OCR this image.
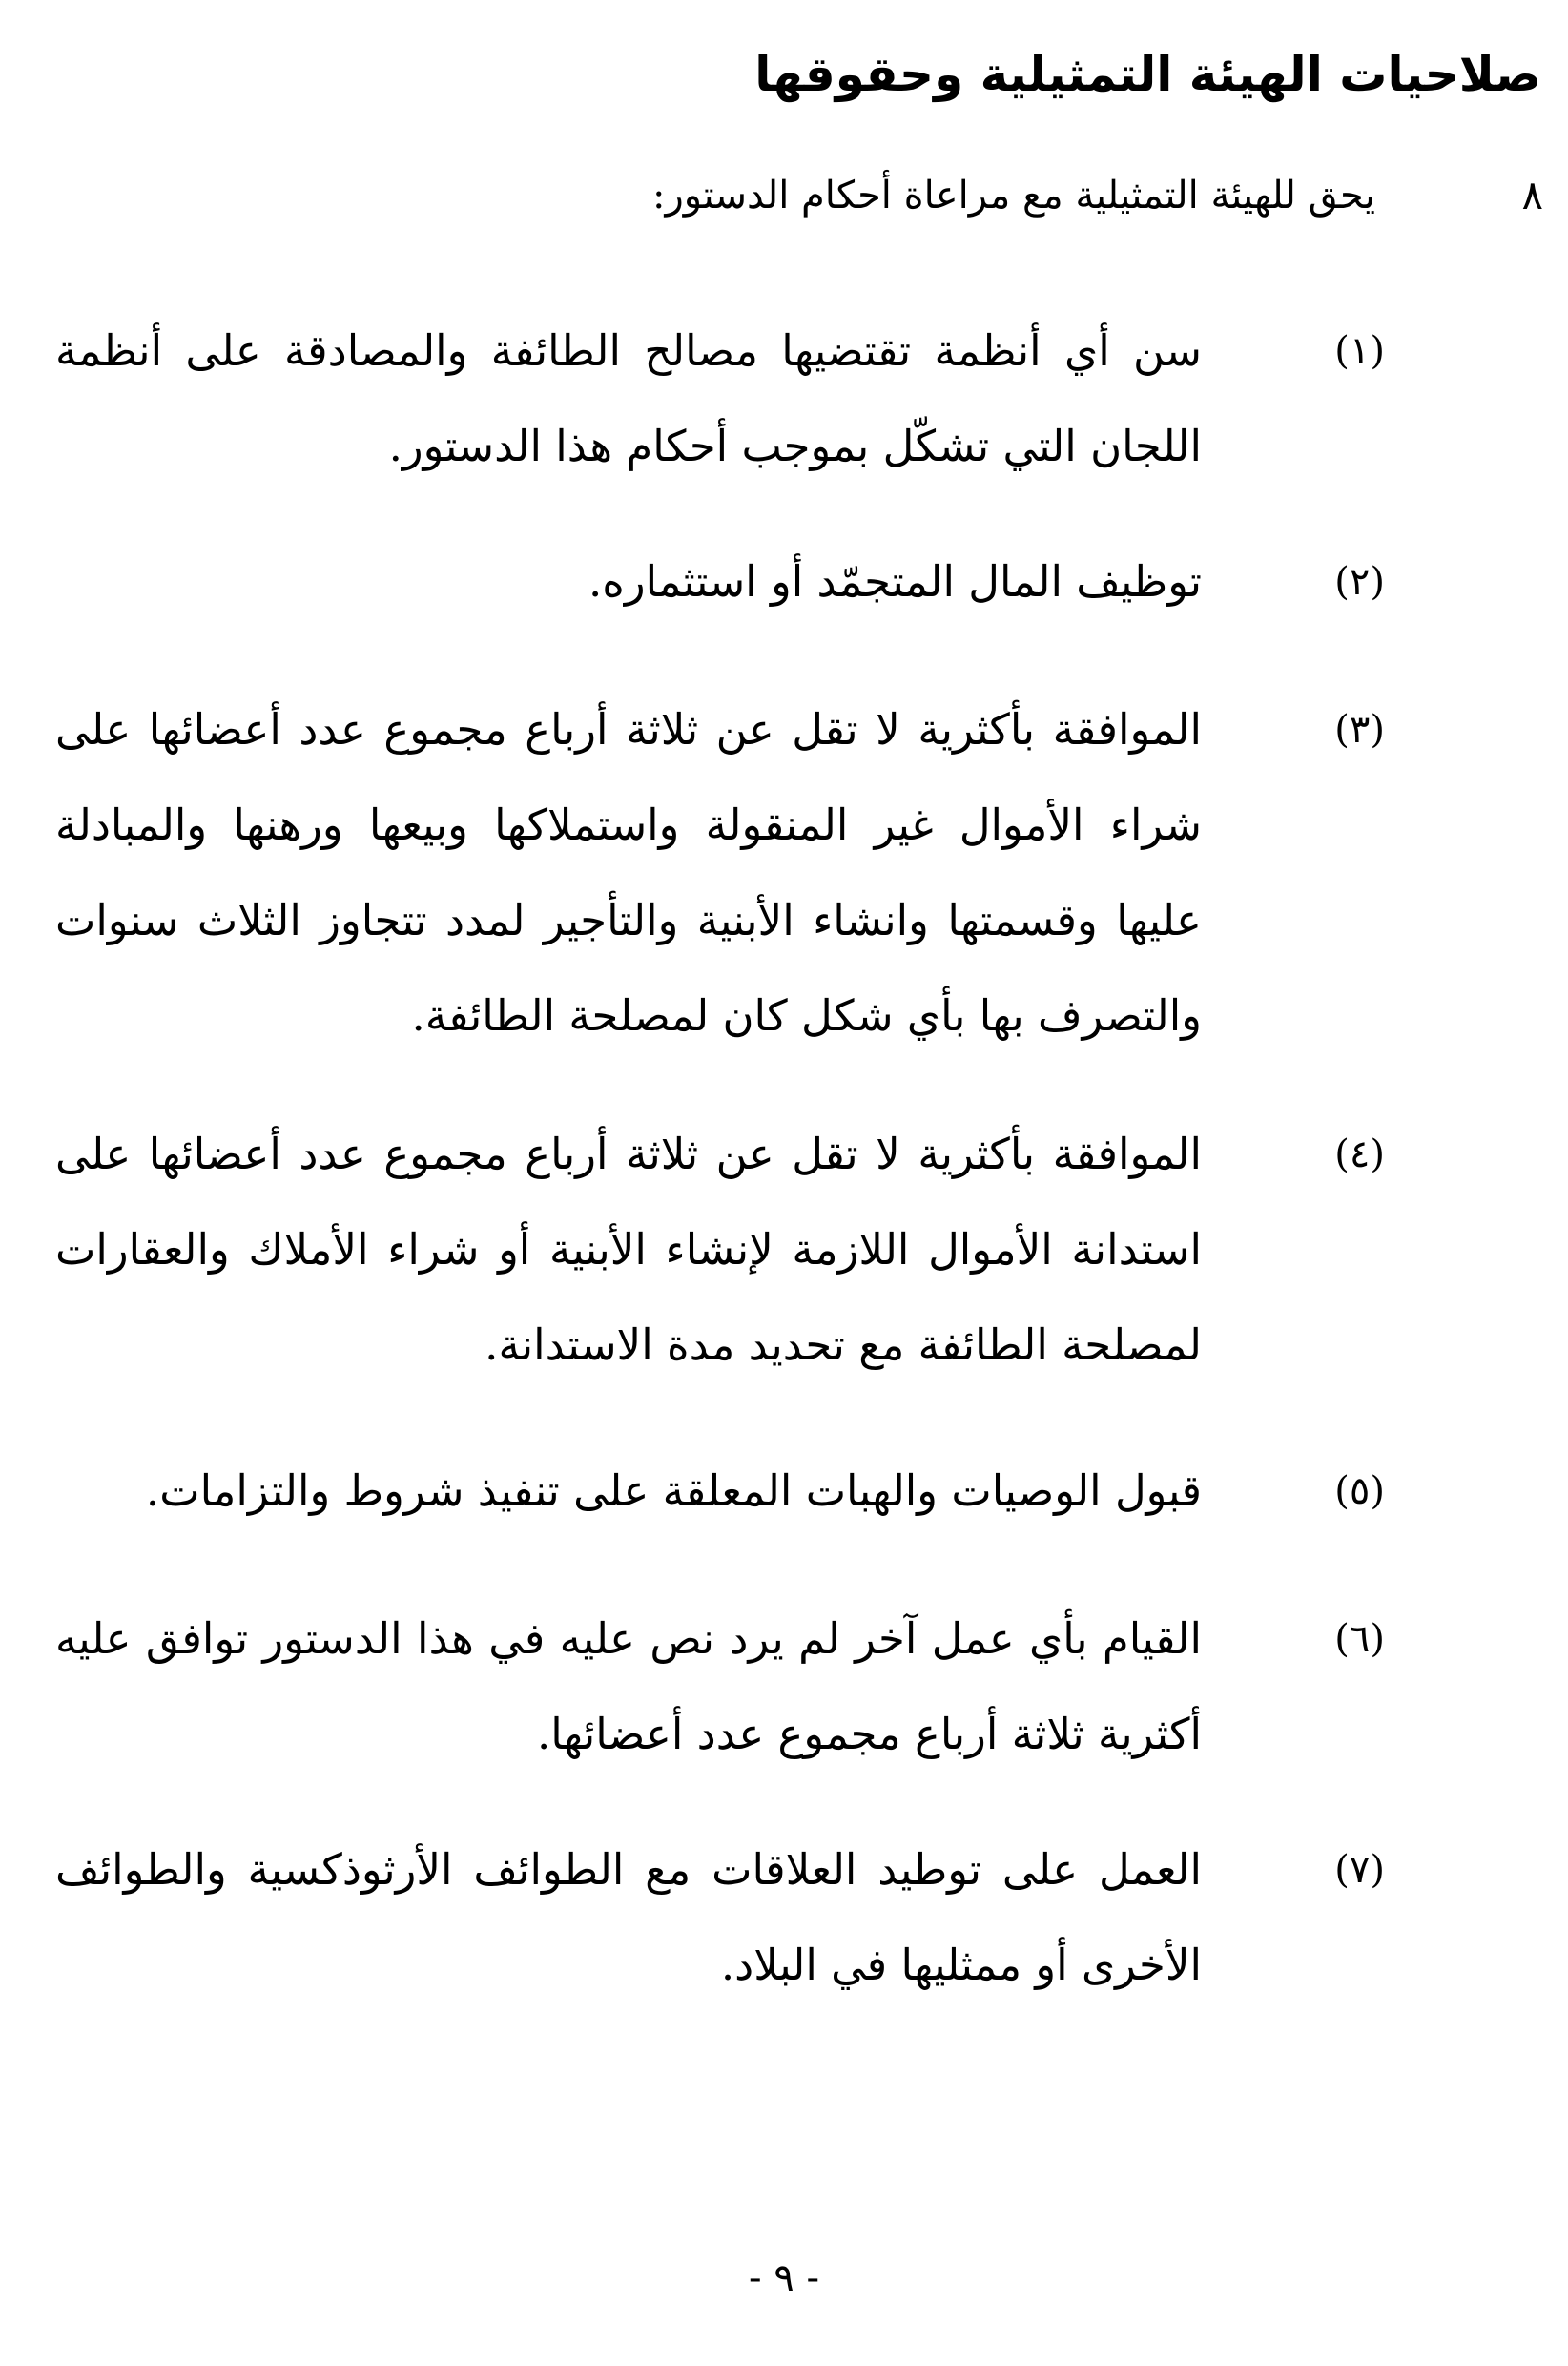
صلاحيات الهيئة التمثيلية وحقوقها
٨
يحق للهيئة التمثيلية مع مراعاة أحكام الدستور:
(١)

سن أي أنظمة تقتضيها مصالح الطائفة والمصادقة على أنظمة اللجان التي تشكّل بموجب أحكام هذا الدستور.

(٢)

توظيف المال المتجمّد أو استثماره.

(٣)

الموافقة بأكثرية لا تقل عن ثلاثة أرباع مجموع عدد أعضائها على شراء الأموال غير المنقولة واستملاكها وبيعها ورهنها والمبادلة عليها وقسمتها وانشاء الأبنية والتأجير لمدد تتجاوز الثلاث سنوات والتصرف بها بأي شكل كان لمصلحة الطائفة.

(٤)

الموافقة بأكثرية لا تقل عن ثلاثة أرباع مجموع عدد أعضائها على استدانة الأموال اللازمة لإنشاء الأبنية أو شراء الأملاك والعقارات لمصلحة الطائفة مع تحديد مدة الاستدانة.

(٥)

قبول الوصيات والهبات المعلقة على تنفيذ شروط والتزامات.

(٦)

القيام بأي عمل آخر لم يرد نص عليه في هذا الدستور توافق عليه أكثرية ثلاثة أرباع مجموع عدد أعضائها.

(٧)

العمل على توطيد العلاقات مع الطوائف الأرثوذكسية والطوائف الأخرى أو ممثليها في البلاد.

- ٩ -
